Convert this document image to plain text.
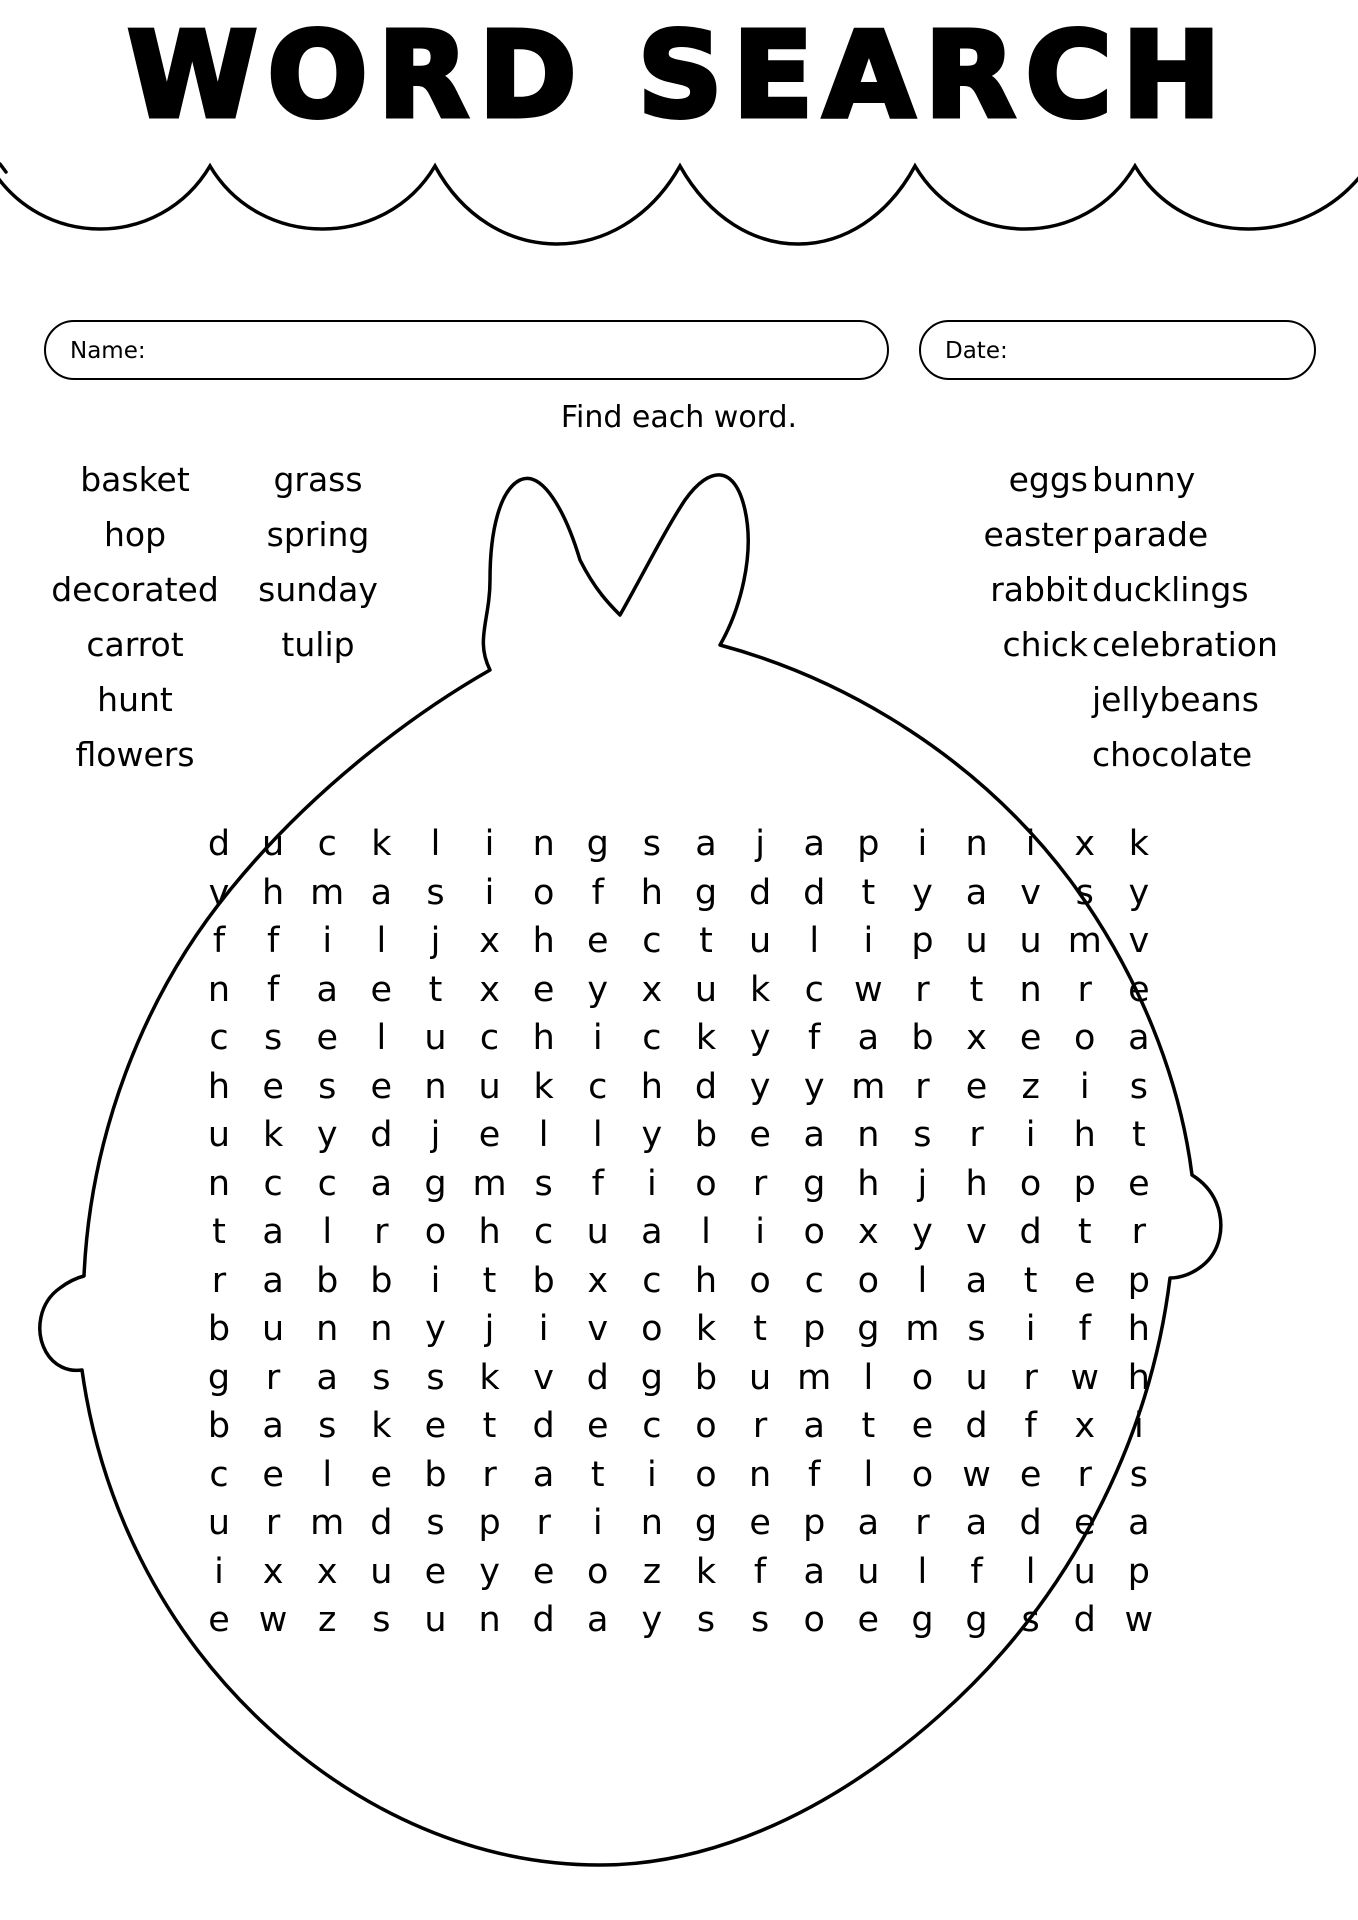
WORD SEARCH
Name:	Date:
Find each word.
basket
hop
decorated
carrot
hunt
flowers
grass
spring
sunday
tulip
eggs
easter
rabbit
chick
bunny
parade
ducklings
celebration
jellybeans
chocolate
d u c k	l	i	n g s a	j	a p	i	n	i	x k
v h m a s	i	o	f	h g d d	t	y a v s y
f	f	i	l	j	x h e c	t	u	l	i	p u u m v
n	f	a e	t	x e y x u k c w r	t	n	r	e
c	s e	l	u c h	i	c k y	f	a b x e o a
h e s e n u k c h d y y m r	e z	i	s
u k y d	j	e	l	l	y b e a n s	r	i	h	t
n c c a g m s	f	i	o	r	g h	j	h o p e
t	a	l	r	o h c u a	l	i	o x y v d	t	r
r	a b b	i	t	b x c h o c o	l	a	t	e p
b u n n y	j	i	v o k	t	p g m s	i	f	h
g	r	a s	s k v d g b u m l	o u	r w h
b a s k e	t	d e c o	r	a	t	e d	f	x	i
c e	l	e b	r	a	t	i	o n	f	l	o w e	r	s
u	r m d s p	r	i	n g e p a	r	a d e a
i	x x u e y e o z k	f	a u	l	f	l	u p
e w z	s u n d a y s	s o e g g s d w
